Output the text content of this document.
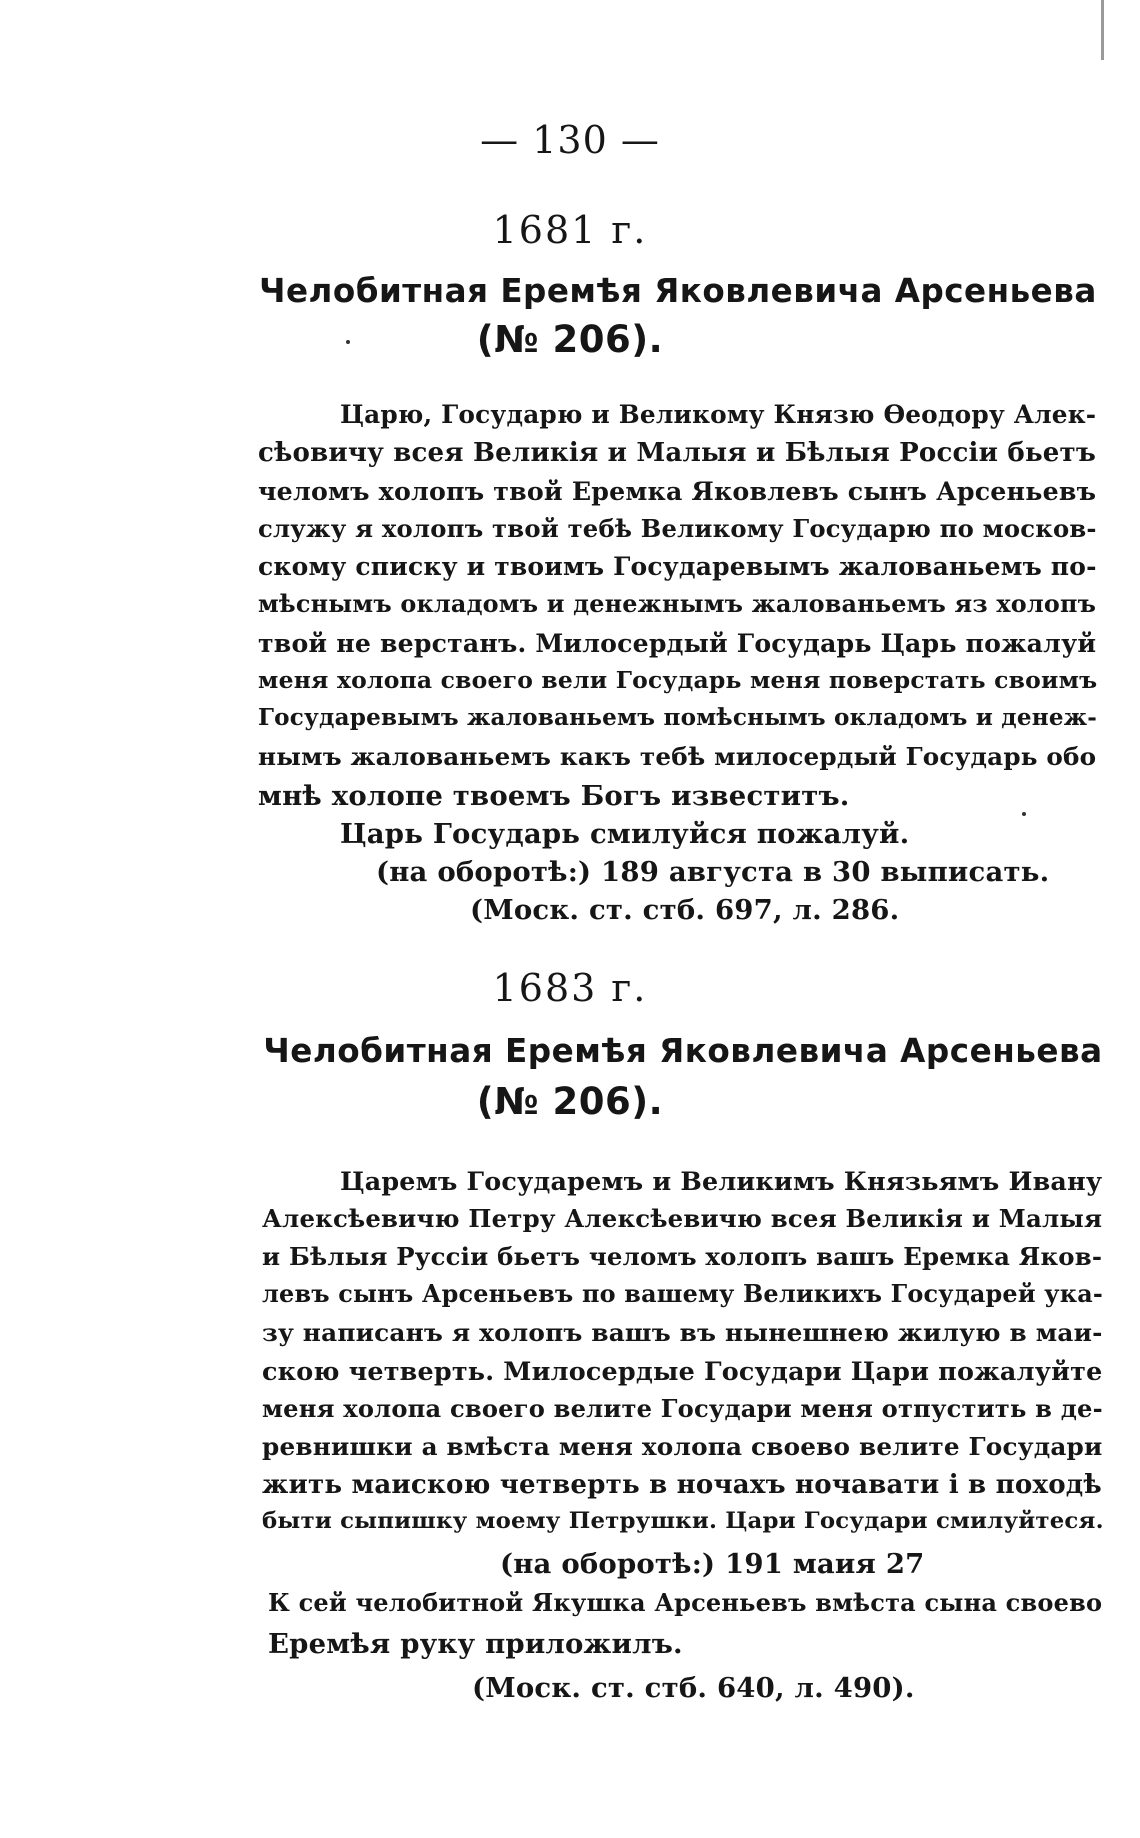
— 130 —
1681 г.
Челобитная Еремѣя Яковлевича Арсеньева
(№ 206).
Царю, Государю и Великому Князю Ѳеодору Алек-
сѣовичу всея Великія и Малыя и Бѣлыя Россіи бьетъ
челомъ холопъ твой Еремка Яковлевъ сынъ Арсеньевъ
служу я холопъ твой тебѣ Великому Государю по москов-
скому списку и твоимъ Государевымъ жалованьемъ по-
мѣснымъ окладомъ и денежнымъ жалованьемъ яз холопъ
твой не верстанъ. Милосердый Государь Царь пожалуй
меня холопа своего вели Государь меня поверстать своимъ
Государевымъ жалованьемъ помѣснымъ окладомъ и денеж-
нымъ жалованьемъ какъ тебѣ милосердый Государь обо
мнѣ холопе твоемъ Богъ известитъ.
Царь Государь смилуйся пожалуй.
(на оборотѣ:) 189 августа в 30 выписать.
(Моск. ст. стб. 697, л. 286.
1683 г.
Челобитная Еремѣя Яковлевича Арсеньева
(№ 206).
Царемъ Государемъ и Великимъ Князьямъ Ивану
Алексѣевичю Петру Алексѣевичю всея Великія и Малыя
и Бѣлыя Руссіи бьетъ челомъ холопъ вашъ Еремка Яков-
левъ сынъ Арсеньевъ по вашему Великихъ Государей ука-
зу написанъ я холопъ вашъ въ нынешнею жилую в маи-
скою четверть. Милосердые Государи Цари пожалуйте
меня холопа своего велите Государи меня отпустить в де-
ревнишки а вмѣста меня холопа своево велите Государи
жить маискою четверть в ночахъ ночавати і в походѣ
быти сыпишку моему Петрушки. Цари Государи смилуйтеся.
(на оборотѣ:) 191 маия 27
К сей челобитной Якушка Арсеньевъ вмѣста сына своево
Еремѣя руку приложилъ.
(Моск. ст. стб. 640, л. 490).
